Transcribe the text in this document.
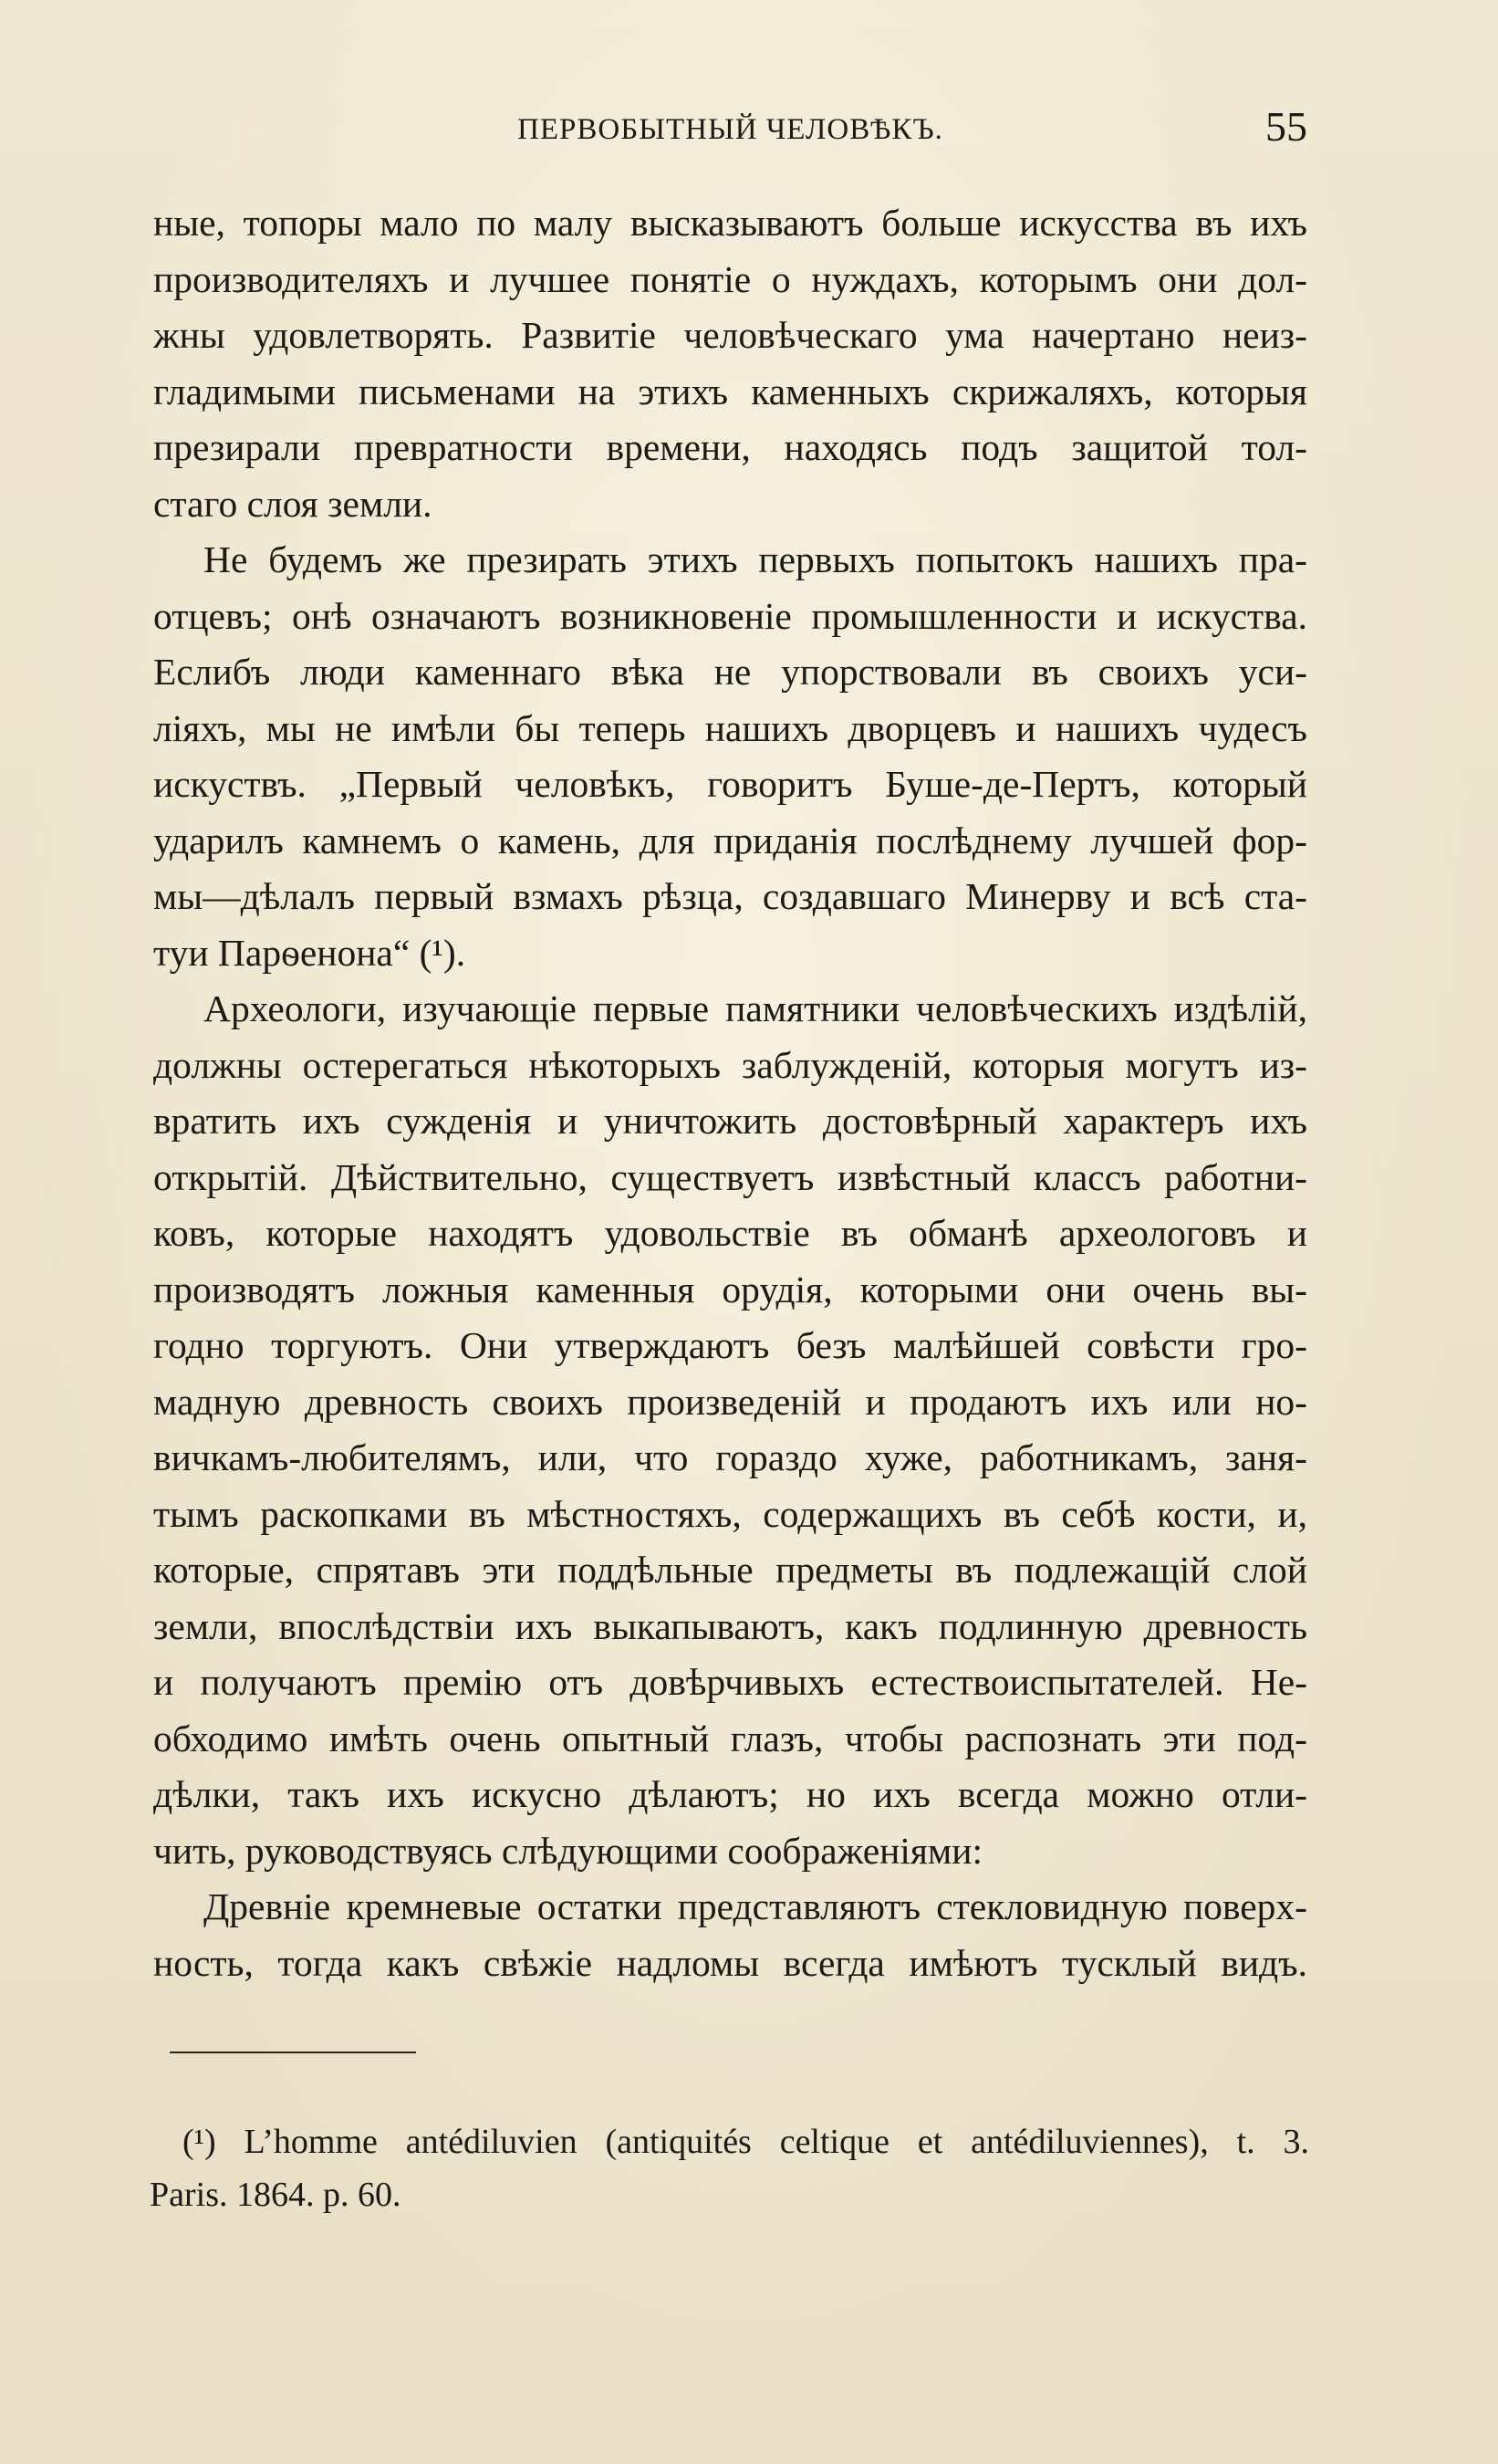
ПЕРВОБЫТНЫЙ ЧЕЛОВѢКЪ.	55

ные, топоры мало по малу высказываютъ больше искусства въ ихъ
производителяхъ и лучшее понятіе о нуждахъ, которымъ они дол-
жны удовлетворять. Развитіе человѣческаго ума начертано неиз-
гладимыми письменами на этихъ каменныхъ скрижаляхъ, которыя
презирали превратности времени, находясь подъ защитой тол-
стаго слоя земли.

Не будемъ же презирать этихъ первыхъ попытокъ нашихъ пра-
отцевъ; онѣ означаютъ возникновеніе промышленности и искуства.
Еслибъ люди каменнаго вѣка не упорствовали въ своихъ уси-
ліяхъ, мы не имѣли бы теперь нашихъ дворцевъ и нашихъ чудесъ
искуствъ. „Первый человѣкъ, говоритъ Буше-де-Пертъ, который
ударилъ камнемъ о камень, для приданія послѣднему лучшей фор-
мы—дѣлалъ первый взмахъ рѣзца, создавшаго Минерву и всѣ ста-
туи Парѳенона“ (¹).

Археологи, изучающіе первые памятники человѣческихъ издѣлій,
должны остерегаться нѣкоторыхъ заблужденій, которыя могутъ из-
вратить ихъ сужденія и уничтожить достовѣрный характеръ ихъ
открытій. Дѣйствительно, существуетъ извѣстный классъ работни-
ковъ, которые находятъ удовольствіе въ обманѣ археологовъ и
производятъ ложныя каменныя орудія, которыми они очень вы-
годно торгуютъ. Они утверждаютъ безъ малѣйшей совѣсти гро-
мадную древность своихъ произведеній и продаютъ ихъ или но-
вичкамъ-любителямъ, или, что гораздо хуже, работникамъ, заня-
тымъ раскопками въ мѣстностяхъ, содержащихъ въ себѣ кости, и,
которые, спрятавъ эти поддѣльные предметы въ подлежащій слой
земли, впослѣдствіи ихъ выкапываютъ, какъ подлинную древность
и получаютъ премію отъ довѣрчивыхъ естествоиспытателей. Не-
обходимо имѣть очень опытный глазъ, чтобы распознать эти под-
дѣлки, такъ ихъ искусно дѣлаютъ; но ихъ всегда можно отли-
чить, руководствуясь слѣдующими соображеніями:

Древніе кремневые остатки представляютъ стекловидную поверх-
ность, тогда какъ свѣжіе надломы всегда имѣютъ тусклый видъ.

(¹) L’homme antédiluvien (antiquités celtique et antédiluviennes), t. 3.
Paris. 1864. p. 60.
